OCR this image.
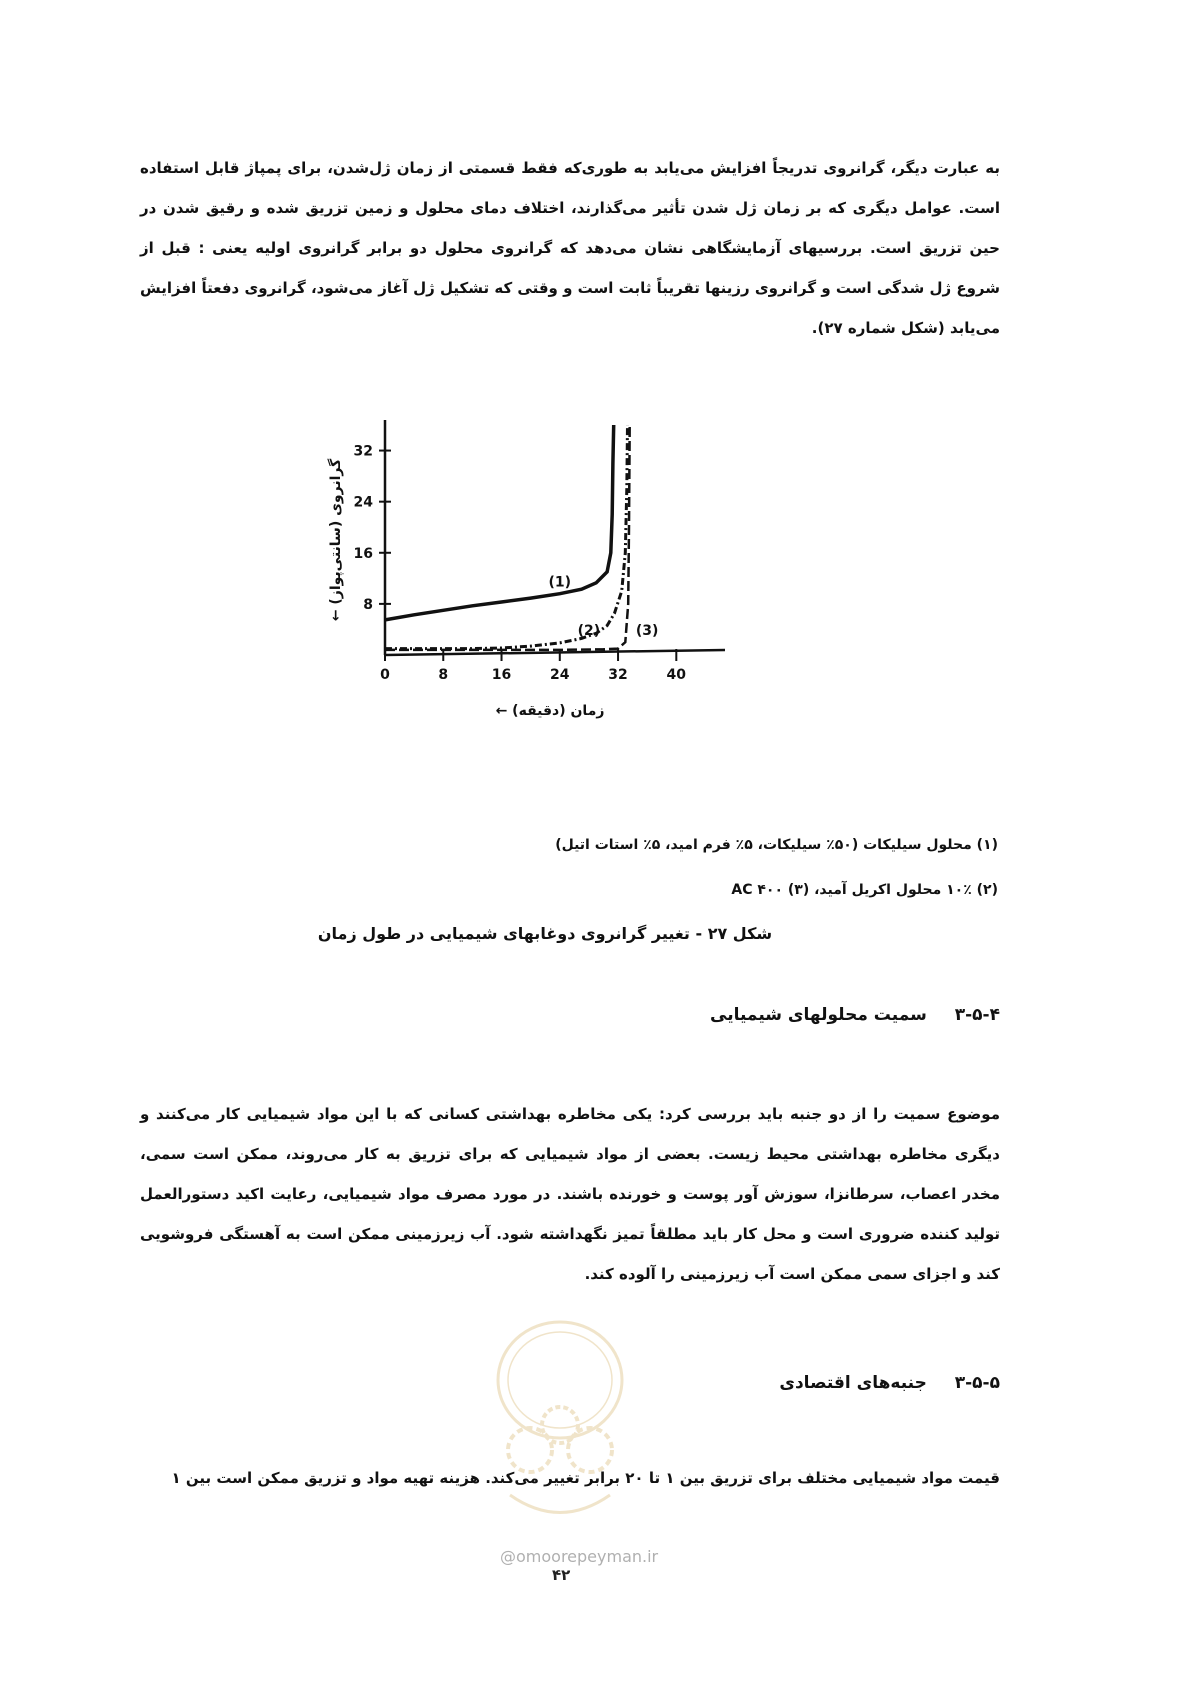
به عبارت دیگر، گرانروی تدریجاً افزایش می‌یابد به طوری‌که فقط قسمتی از زمان ژل‌شدن، برای پمپاژ قابل استفاده است. عوامل دیگری که بر زمان ژل شدن تأثیر می‌گذارند، اختلاف دمای محلول و زمین تزریق شده و رقیق شدن در حین تزریق است. بررسیهای آزمایشگاهی نشان می‌دهد که گرانروی محلول دو برابر گرانروی اولیه یعنی : قبل از شروع ژل شدگی است و گرانروی رزینها تقریباً ثابت است و وقتی که تشکیل ژل آغاز می‌شود، گرانروی دفعتاً افزایش می‌یابد (شکل شماره ۲۷).

0	8	16	24	32	40
8
16
24
32
(1)
(2)	(3)
زمان (دقیقه) ←
گرانروی (سانتی‌پواز) ←

(۱) محلول سیلیکات (۵۰٪ سیلیکات، ۵٪ فرم امید، ۵٪ استات اتیل)

(۲) ۱۰٪ محلول اکریل آمید، (۳) AC ۴۰۰

شکل ۲۷ - تغییر گرانروی دوغابهای شیمیایی در طول زمان

۳-۵-۴ سمیت محلولهای شیمیایی

موضوع سمیت را از دو جنبه باید بررسی کرد: یکی مخاطره بهداشتی کسانی که با این مواد شیمیایی کار می‌کنند و دیگری مخاطره بهداشتی محیط زیست. بعضی از مواد شیمیایی که برای تزریق به کار می‌روند، ممکن است سمی، مخدر اعصاب، سرطانزا، سوزش آور پوست و خورنده باشند. در مورد مصرف مواد شیمیایی، رعایت اکید دستورالعمل تولید کننده ضروری است و محل کار باید مطلقاً تمیز نگهداشته شود. آب زیرزمینی ممکن است به آهستگی فروشویی کند و اجزای سمی ممکن است آب زیرزمینی را آلوده کند.

۳-۵-۵ جنبه‌های اقتصادی

قیمت مواد شیمیایی مختلف برای تزریق بین ۱ تا ۲۰ برابر تغییر می‌کند. هزینه تهیه مواد و تزریق ممکن است بین ۱

@omoorepeyman.ir
۴۲
